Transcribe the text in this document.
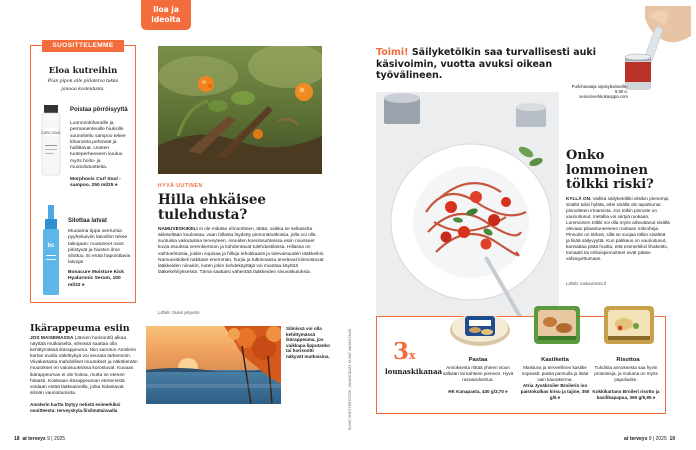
Iloa ja
ideoita
SUOSITTELEMME
Eloa kutreihin
Pian pipon alle piilotetva tukka janoaa kosteutusta.
CURL SOUL
Poistaa pörröisyyttä
Luonnonkiharoille ja permanenteuille hiuksille suunniteltu sampoo tekee kiharoista pehmeät ja hallittavat. Uuteen tuoteperheeseen kuuluu myös hoito- ja muotoilutuotteita.
Morphosis Curl Soul -sampoo, 250 ml/25 e
bc
Silottaa latvat
Muutama tippa seerumia pyyhekuiviin latvoihin tekee taikojaan: nuutuneet osiot piristyvät ja hiusten ilme silottuu. Ei enää haposittavia latvoja!
Bonacure Moisture Kick Hyaluronic Serum, 100 ml/22 e
HYVÄ UUTINEN
Hilla ehkäisee tulehdusta?
NAMUVESKIKELI ei ole mikään ehnonttinen, tätää, vaikka se sellaiselta äkkiseltään kuulostaa, vaan hillasta löydetty pienonäinäkoisia, jolla voi olla suotuisia vaikutuksia terveyteen. Aineiden koeolosuhteissa esiin nousseet kovia etuuksia verenkiertoon ja kohdentavat tulehdustilassa. Hillassa on vaihtoehtoisia, joiden sopivaa ja hilloja tehokkaasti ja tulevaisuuden lääkkeiksi. Namuveskikeli tutkitaan enemmän, hurjia ja tutkinnassa arvelevat kiinnostuvat lääkkeiden niinukin, kuten jokin kohdekäyttäjä voi muuttaa käyttöä lääkekehityksessä. Tämä saattaisi vähentää lääkkeiden sivuvaikutuksia.
Lähde: Oulun yliopisto
Ikärappeuma esiin
JOS MAISEMASSA (Järven horisontti) alkaa näyttää mutkaiselta, silmissä saattaa olla kehittymässä ikärappeuma. Niin sanotun Amslerin kartan avulla näkökykyä voi seurata tarkemmin. Viivakartasta mahdolliset muutokset ja näkökentän muutokset eri valoisuuksissa korostuvat. Kuvaan ikärappeuman ei ole hoitoa, mutta se etenee hitaasti. Kosteaan ikärappeuman etenemistä voidaan estää lääkeaineilla, jotka hidastavat silmän vaurioitumista.
Amslerin kartta löytyy netistä esimerkiksi osoitteesta: terveyskyla.fi/silmätaivaalla
Silmissä voi olla kehittymässä ikärappeuma, jos vaikkapa lipputanko tai horisontti näkyvät mutkaisina.	KUVAT SHUTTERSTOCK, VALMISTAJAT, KUVAT VALMISTAJAT
18 at terveys 9 | 2025
Toimi! Säilyketölkin saa turvallisesti auki käsivoimin, vuotta avuksi oikean työvälineen.
Purkinavaaja rajsisybanseille, 9,90 e, senioriverkkokauppa.com
Onko lommoinen tölkki riski?
KYLLÄ ON. Vaikka säilyketölkki olisikin pienempi, sisältö tulisi hylätä, ettei sisällä ole tapahtunut pinnoitteen irtoamista. Jos tölkin pinnoite on vaurioitunut, metallia voi siirtyä ruokaan. Lommoinen tölkki voi olla myös aiheuttanut sisällä olevaan pilaantuneeseen ruokaan mikrobeja. Pinnoite on tärkeä, sillä se suojaa tölkin sisältöä ja lisää säilyvyyttä. Kun pakkaus on vaurioitunut, kannattaa pitää huolta, että esimerkiksi lihakeitto, tomaatti tai erikoispinnoitteet eivät pääse vahingoittumaan.
Lähde: ruokavirasto.fi
3x
lounaskikanaa
Pastaa
Annoksesta riittää yhteen isoon nälkään tai kahteen pieneen. Hyvä rasvaindustrua.
HK Kanapasta, 430 g/3,70 e
Kastiketta
Maistuva ja terveellinen kastike nopeasti: paista pannulla ja lisää vain kaurakerma.
Atria Jyväbroiler Broilerin iso paistokulkas kirsu ja tajine, 350 g/5 e
Risottoa
Tuhdista annoksesta saa hyvin proteiineja, ja mukana on myös papuliuske.
Kokkikartano Broileri risotto ja basilikapapua, 360 g/5,95 e
at terveys 9 | 2025 19
